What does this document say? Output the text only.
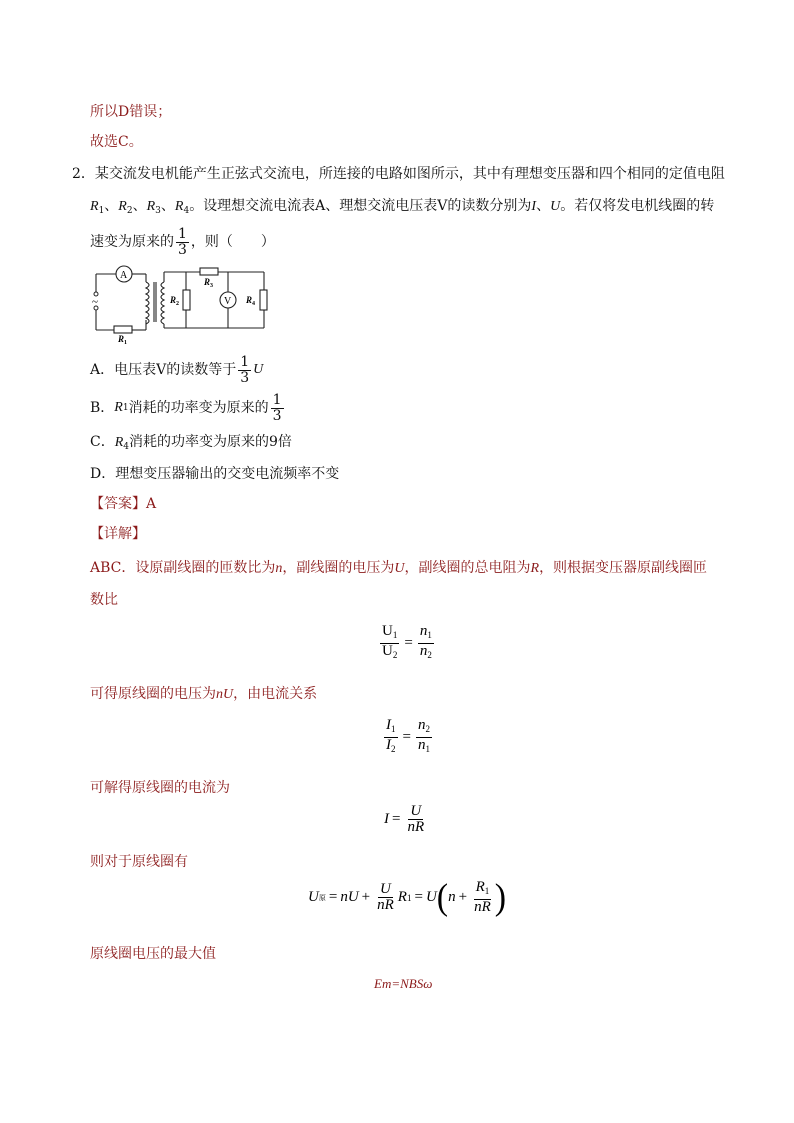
所以D错误；
故选C。
2．某交流发电机能产生正弦式交流电，所连接的电路如图所示，其中有理想变压器和四个相同的定值电阻
$R_1$、$R_2$、$R_3$、$R_4$。设理想交流电流表A、理想交流电压表V的读数分别为I、U。若仅将发电机线圈的转
速变为原来的 $\frac{1}{3}$ ，则（　　）
~
A
$R_1$
$R_3$
$R_2$	V $R_4$
A．电压表V的读数等于 $\frac{1}{3}$ U
B． R 1 消耗的功率变为原来的 $\frac{1}{3}$
C．$R_4$消耗的功率变为原来的9倍
D．理想变压器输出的交变电流频率不变
【答案】A
【详解】
ABC．设原副线圈的匝数比为n，副线圈的电压为U，副线圈的总电阻为R，则根据变压器原副线圈匝
数比
$\frac{U_1}{U_2} = \frac{n_1}{n_2}$
可得原线圈的电压为nU，由电流关系
$\frac{I_1}{I_2} = \frac{n_2}{n_1}$
可解得原线圈的电流为
$I = \frac{U}{nR}$
则对于原线圈有
U 原 = nU + $\frac{U}{nR}$ R 1 = U ( $n + \frac{R_1}{nR}$ )
原线圈电压的最大值
Em=NBSω
